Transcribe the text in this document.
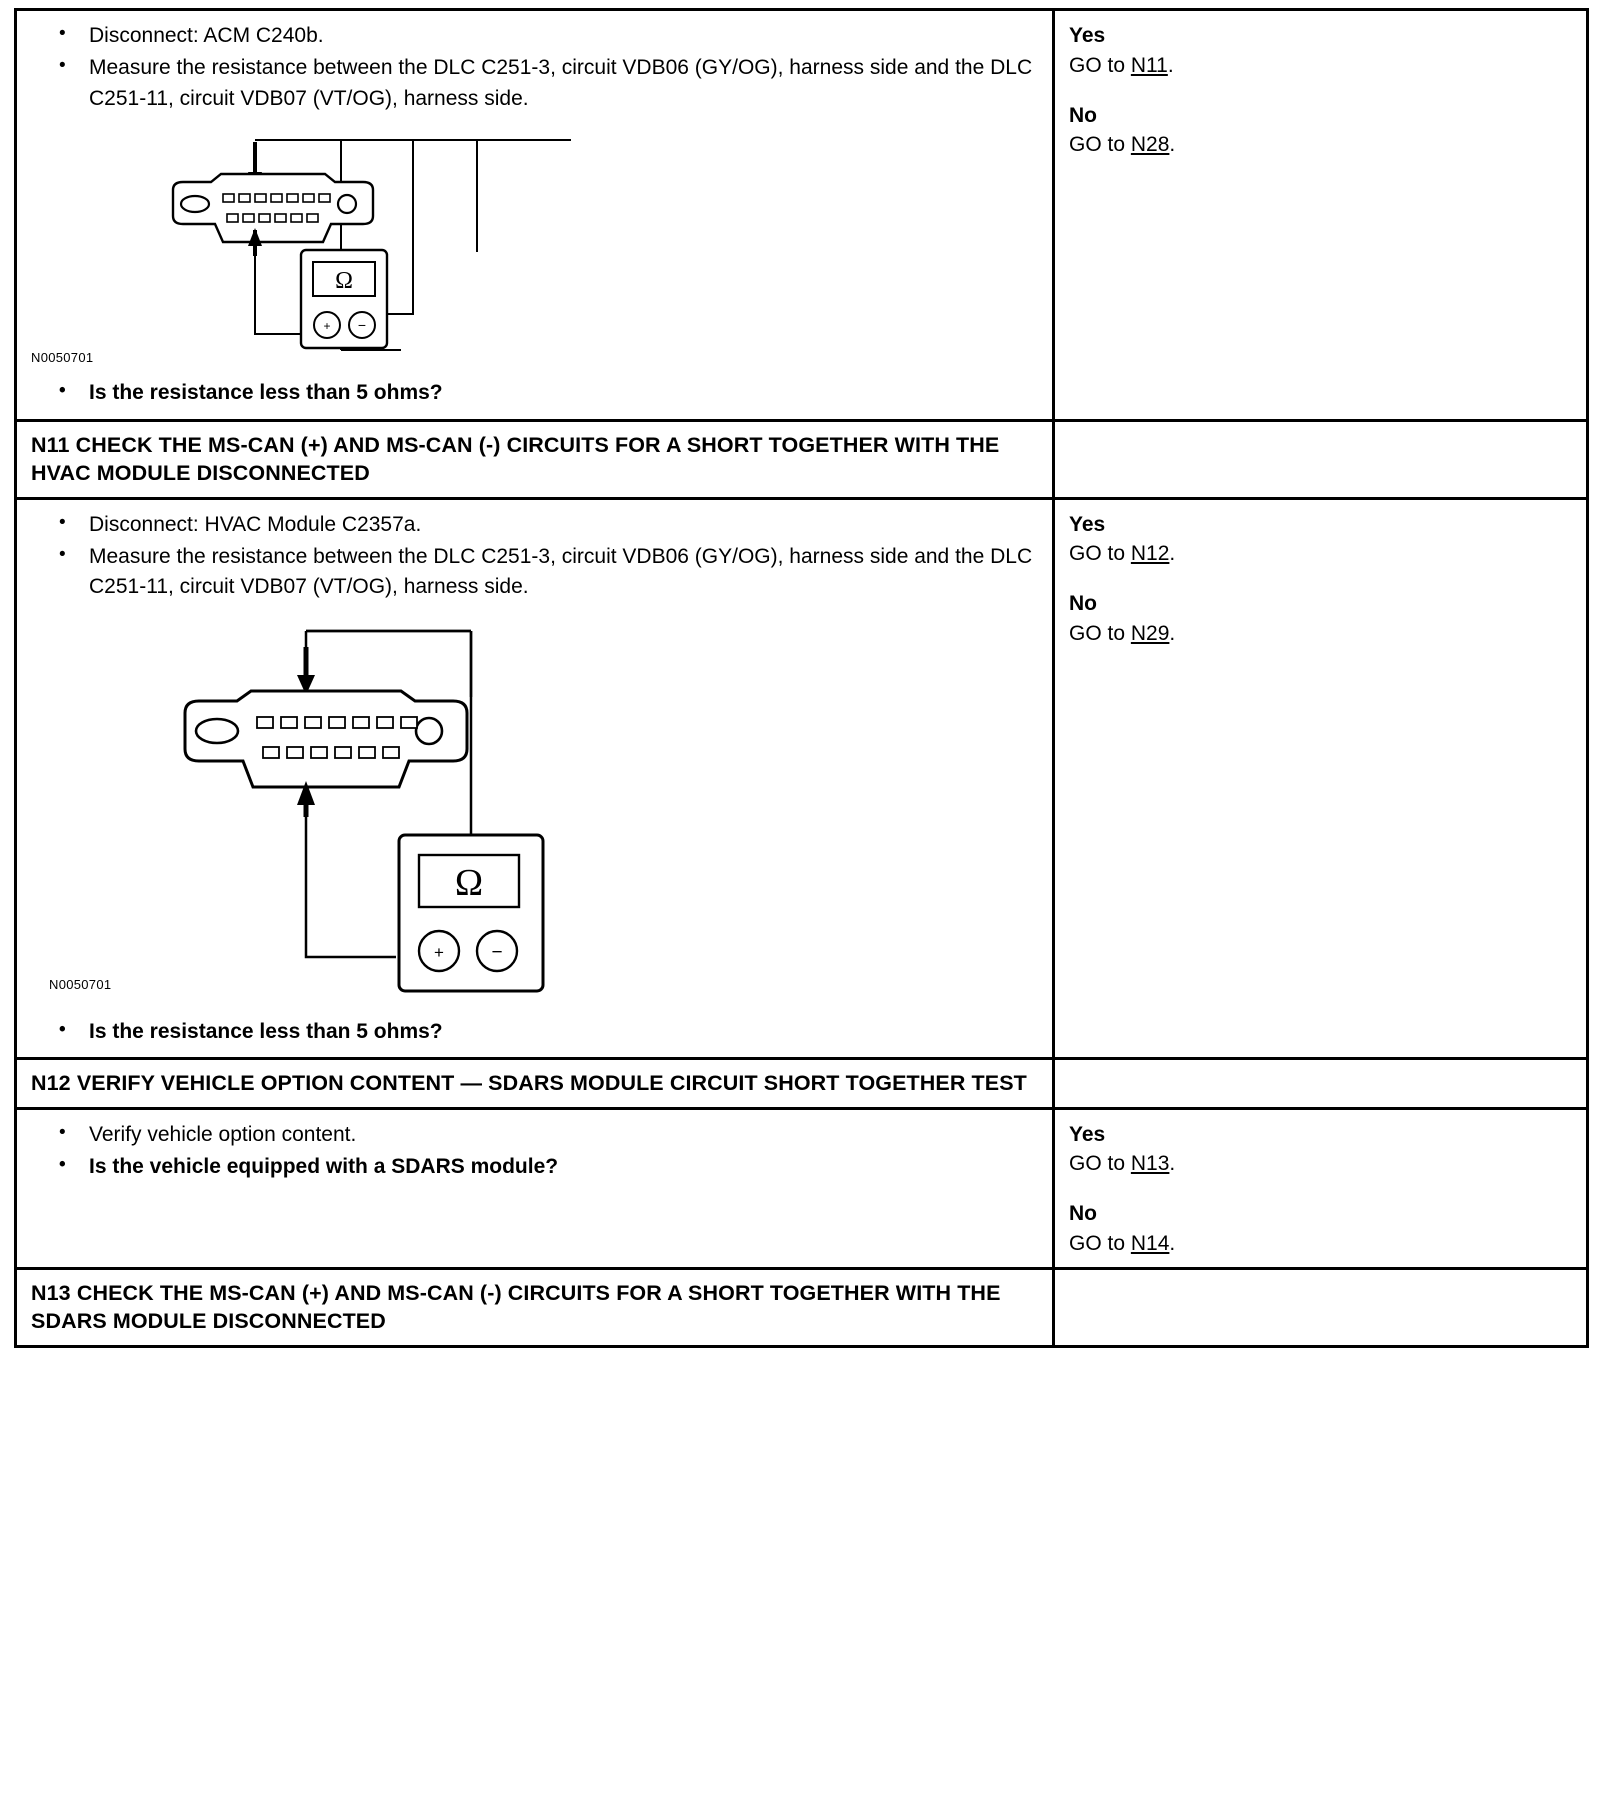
• Disconnect: ACM C240b.
• Measure the resistance between the DLC C251-3, circuit VDB06 (GY/OG), harness side and the DLC C251-11, circuit VDB07 (VT/OG), harness side.
Ω
+ −
N0050701
• Is the resistance less than 5 ohms?

Yes
GO to N11.
No
GO to N28.

N11 CHECK THE MS-CAN (+) AND MS-CAN (-) CIRCUITS FOR A SHORT TOGETHER WITH THE HVAC MODULE DISCONNECTED	

• Disconnect: HVAC Module C2357a.
• Measure the resistance between the DLC C251-3, circuit VDB06 (GY/OG), harness side and the DLC C251-11, circuit VDB07 (VT/OG), harness side.
Ω
+ −
N0050701
• Is the resistance less than 5 ohms?

Yes
GO to N12.
No
GO to N29.

N12 VERIFY VEHICLE OPTION CONTENT — SDARS MODULE CIRCUIT SHORT TOGETHER TEST	

• Verify vehicle option content.
• Is the vehicle equipped with a SDARS module?

Yes
GO to N13.
No
GO to N14.

N13 CHECK THE MS-CAN (+) AND MS-CAN (-) CIRCUITS FOR A SHORT TOGETHER WITH THE SDARS MODULE DISCONNECTED	
